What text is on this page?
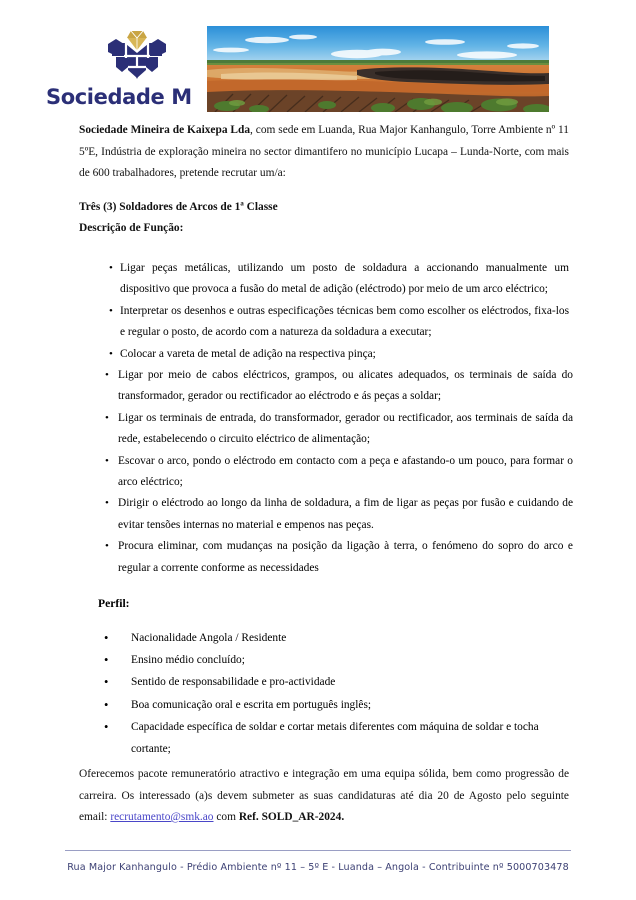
Sociedade M

Sociedade Mineira de Kaixepa Lda, com sede em Luanda, Rua Major Kanhangulo, Torre Ambiente nº 11 5ºE, Indústria de exploração mineira no sector dimantifero no município Lucapa – Lunda-Norte, com mais de 600 trabalhadores, pretende recrutar um/a:

Três (3) Soldadores de Arcos de 1ª Classe

Descrição de Função:

• Ligar peças metálicas, utilizando um posto de soldadura a accionando manualmente um dispositivo que provoca a fusão do metal de adição (eléctrodo) por meio de um arco eléctrico;
• Interpretar os desenhos e outras especificações técnicas bem como escolher os eléctrodos, fixa-los e regular o posto, de acordo com a natureza da soldadura a executar;
• Colocar a vareta de metal de adição na respectiva pinça;
• Ligar por meio de cabos eléctricos, grampos, ou alicates adequados, os terminais de saída do transformador, gerador ou rectificador ao eléctrodo e ás peças a soldar;
• Ligar os terminais de entrada, do transformador, gerador ou rectificador, aos terminais de saída da rede, estabelecendo o circuito eléctrico de alimentação;
• Escovar o arco, pondo o eléctrodo em contacto com a peça e afastando-o um pouco, para formar o arco eléctrico;
• Dirigir o eléctrodo ao longo da linha de soldadura, a fim de ligar as peças por fusão e cuidando de evitar tensões internas no material e empenos nas peças.
• Procura eliminar, com mudanças na posição da ligação à terra, o fenómeno do sopro do arco e regular a corrente conforme as necessidades

Perfil:

• Nacionalidade Angola / Residente
• Ensino médio concluído;
• Sentido de responsabilidade e pro-actividade
• Boa comunicação oral e escrita em português inglês;
• Capacidade específica de soldar e cortar metais diferentes com máquina de soldar e tocha cortante;

Oferecemos pacote remuneratório atractivo e integração em uma equipa sólida, bem como progressão de carreira. Os interessado (a)s devem submeter as suas candidaturas até dia 20 de Agosto pelo seguinte email: recrutamento@smk.ao com Ref. SOLD_AR-2024.

Rua Major Kanhangulo - Prédio Ambiente nº 11 – 5º E - Luanda – Angola - Contribuinte nº 5000703478
